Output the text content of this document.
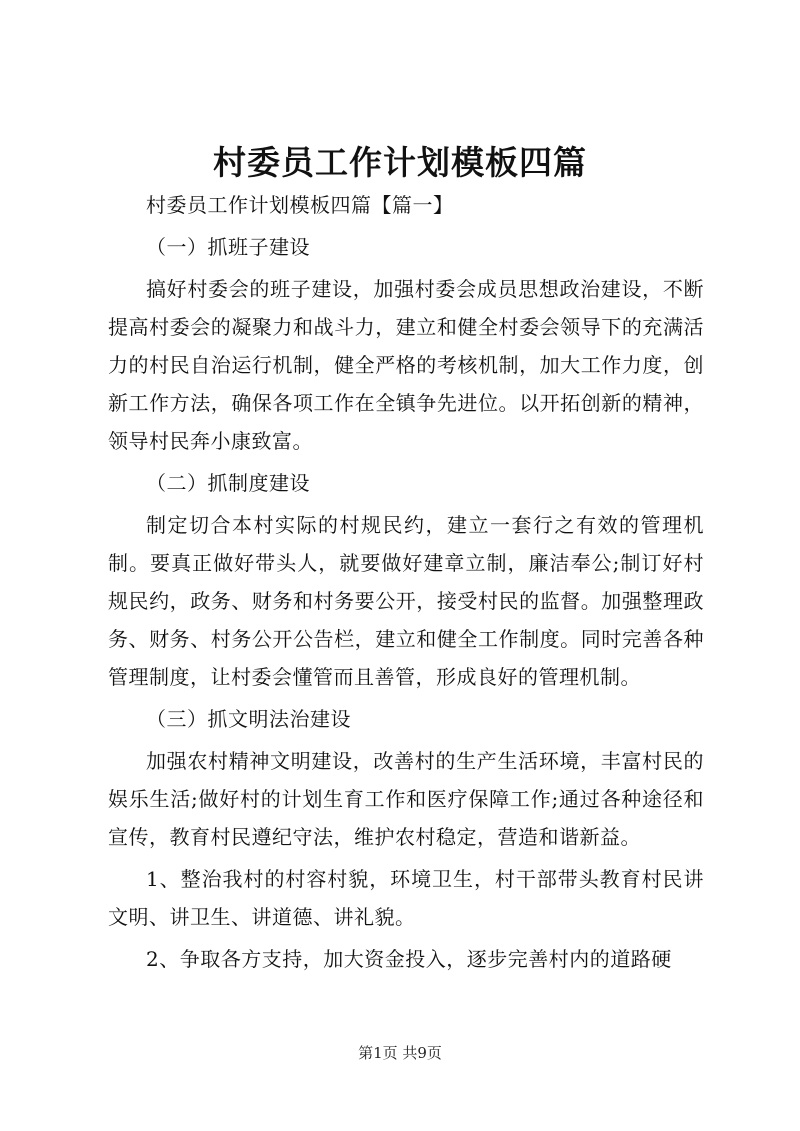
村委员工作计划模板四篇

村委员工作计划模板四篇【篇一】

（一）抓班子建设

搞好村委会的班子建设，加强村委会成员思想政治建设，不断提高村委会的凝聚力和战斗力，建立和健全村委会领导下的充满活力的村民自治运行机制，健全严格的考核机制，加大工作力度，创新工作方法，确保各项工作在全镇争先进位。以开拓创新的精神，领导村民奔小康致富。

（二）抓制度建设

制定切合本村实际的村规民约，建立一套行之有效的管理机制。要真正做好带头人，就要做好建章立制，廉洁奉公;制订好村规民约，政务、财务和村务要公开，接受村民的监督。加强整理政务、财务、村务公开公告栏，建立和健全工作制度。同时完善各种管理制度，让村委会懂管而且善管，形成良好的管理机制。

（三）抓文明法治建设

加强农村精神文明建设，改善村的生产生活环境，丰富村民的娱乐生活;做好村的计划生育工作和医疗保障工作;通过各种途径和宣传，教育村民遵纪守法，维护农村稳定，营造和谐新益。

1、整治我村的村容村貌，环境卫生，村干部带头教育村民讲文明、讲卫生、讲道德、讲礼貌。

2、争取各方支持，加大资金投入，逐步完善村内的道路硬

第1页 共9页
